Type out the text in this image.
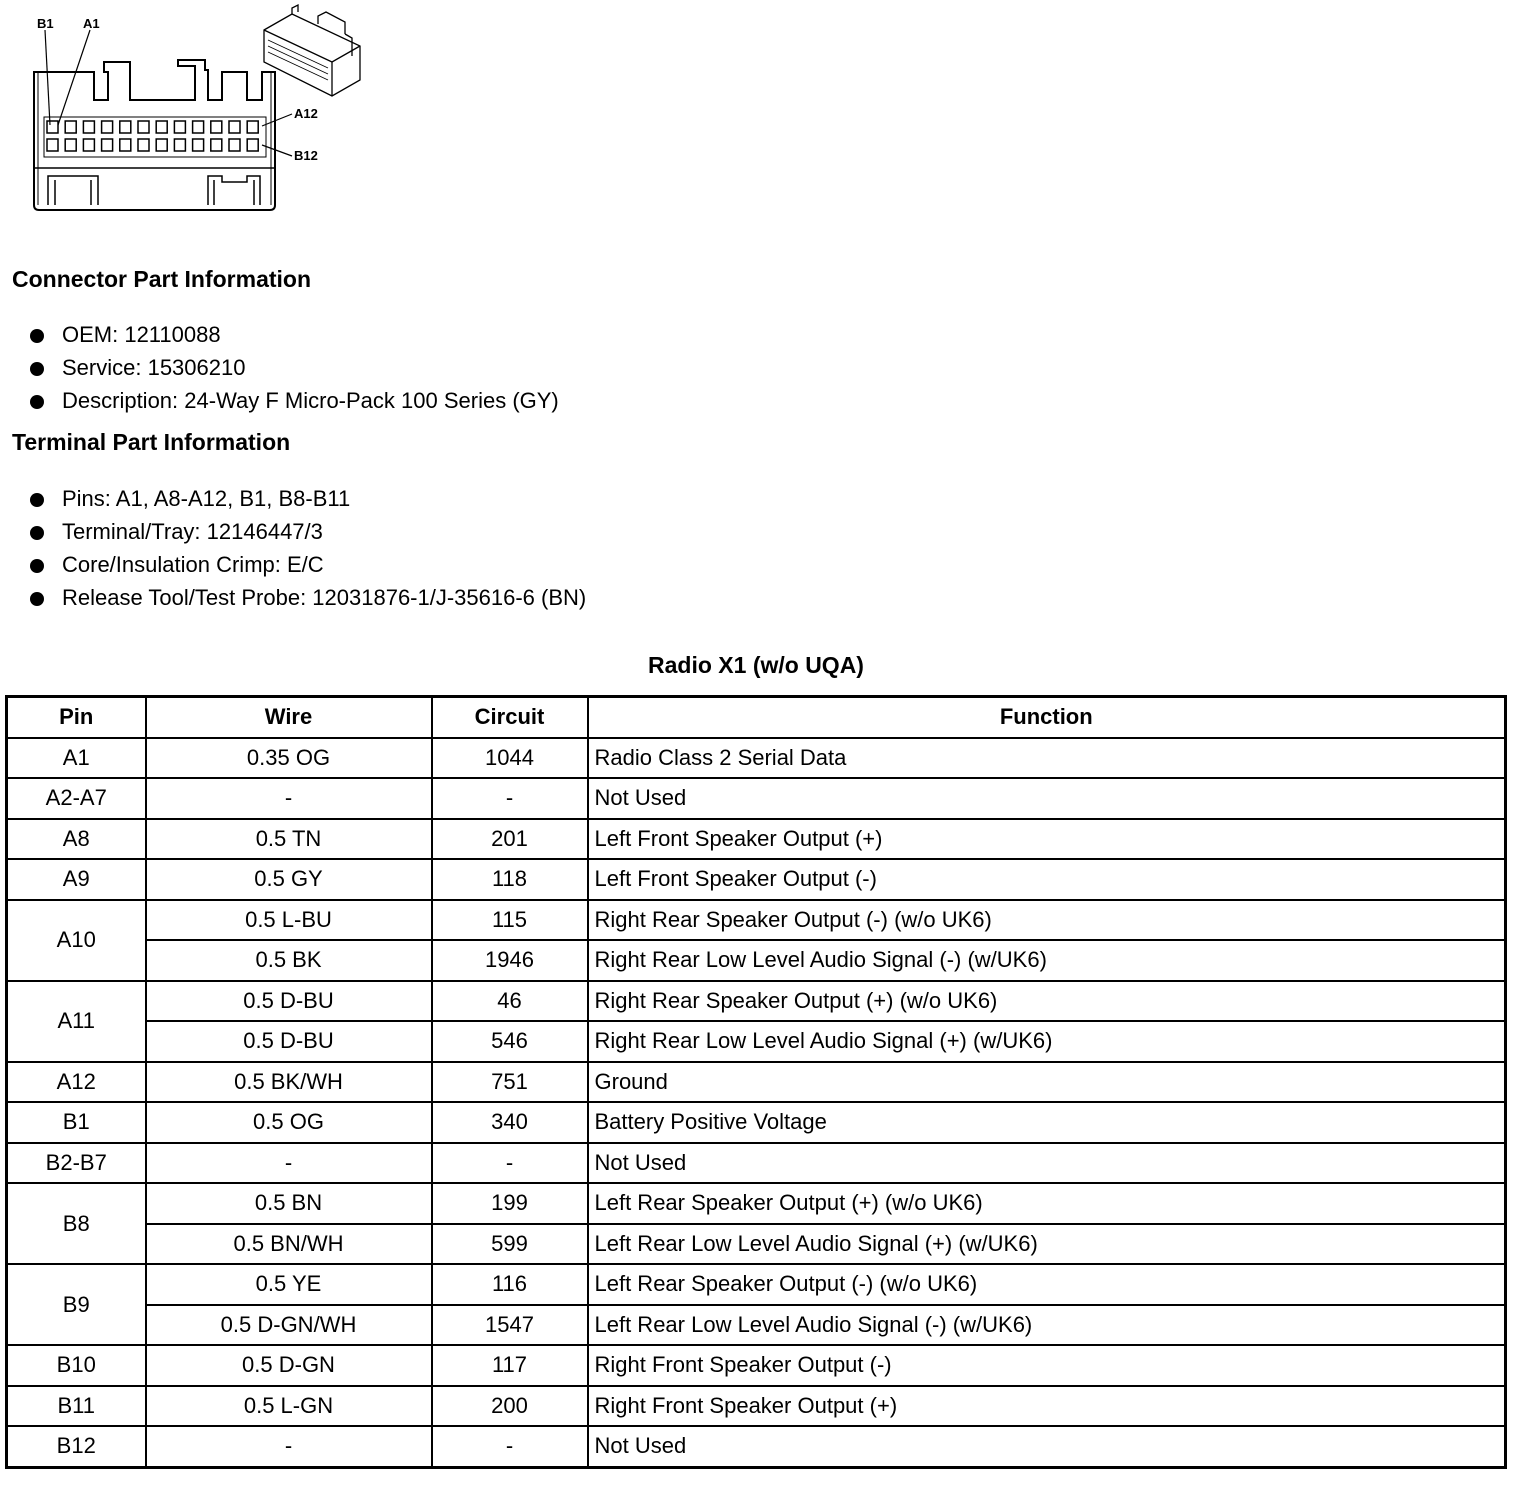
B1 A1
A12
B12
Connector Part Information
OEM: 12110088
Service: 15306210
Description: 24-Way F Micro-Pack 100 Series (GY)
Terminal Part Information
Pins: A1, A8-A12, B1, B8-B11
Terminal/Tray: 12146447/3
Core/Insulation Crimp: E/C
Release Tool/Test Probe: 12031876-1/J-35616-6 (BN)
Radio X1 (w/o UQA)
Pin	Wire	Circuit	Function
A1	0.35 OG	1044	Radio Class 2 Serial Data
A2-A7	-	-	Not Used
A8	0.5 TN	201	Left Front Speaker Output (+)
A9	0.5 GY	118	Left Front Speaker Output (-)
A10	0.5 L-BU	115	Right Rear Speaker Output (-) (w/o UK6)
	0.5 BK	1946	Right Rear Low Level Audio Signal (-) (w/UK6)
A11	0.5 D-BU	46	Right Rear Speaker Output (+) (w/o UK6)
	0.5 D-BU	546	Right Rear Low Level Audio Signal (+) (w/UK6)
A12	0.5 BK/WH	751	Ground
B1	0.5 OG	340	Battery Positive Voltage
B2-B7	-	-	Not Used
B8	0.5 BN	199	Left Rear Speaker Output (+) (w/o UK6)
	0.5 BN/WH	599	Left Rear Low Level Audio Signal (+) (w/UK6)
B9	0.5 YE	116	Left Rear Speaker Output (-) (w/o UK6)
	0.5 D-GN/WH	1547	Left Rear Low Level Audio Signal (-) (w/UK6)
B10	0.5 D-GN	117	Right Front Speaker Output (-)
B11	0.5 L-GN	200	Right Front Speaker Output (+)
B12	-	-	Not Used
